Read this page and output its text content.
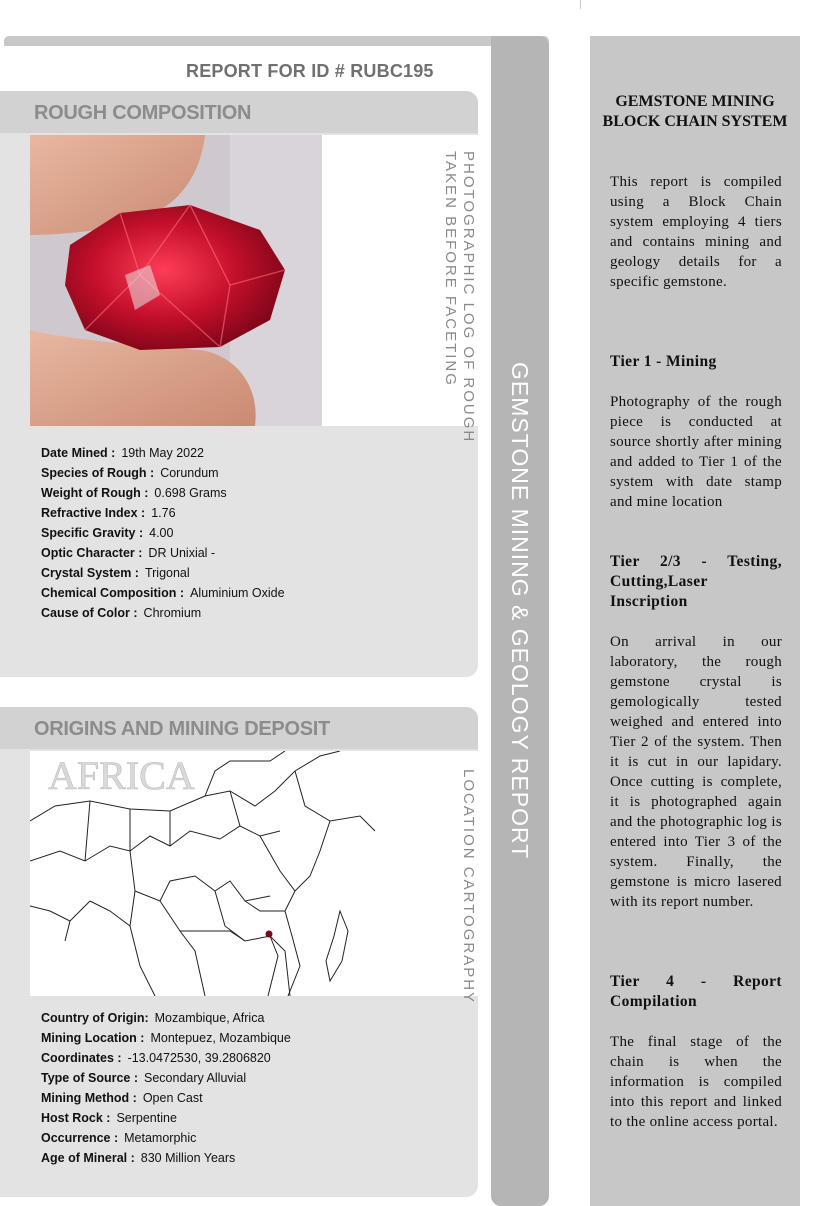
REPORT FOR ID # RUBC195
ROUGH COMPOSITION
PHOTOGRAPHIC LOG OF ROUGH
TAKEN BEFORE FACETING
Date Mined : 19th May 2022
Species of Rough : Corundum
Weight of Rough : 0.698 Grams
Refractive Index : 1.76
Specific Gravity : 4.00
Optic Character : DR Unixial -
Crystal System : Trigonal
Chemical Composition : Aluminium Oxide
Cause of Color : Chromium
ORIGINS AND MINING DEPOSIT
AFRICA	LOCATION CARTOGRAPHY
Country of Origin: Mozambique, Africa
Mining Location : Montepuez, Mozambique
Coordinates : -13.0472530, 39.2806820
Type of Source : Secondary Alluvial
Mining Method : Open Cast
Host Rock : Serpentine
Occurrence : Metamorphic
Age of Mineral : 830 Million Years
GEMSTONE MINING & GEOLOGY REPORT
GEMSTONE MINING BLOCK CHAIN SYSTEM
This report is compiled using a Block Chain system employing 4 tiers and contains mining and geology details for a specific gemstone.
Tier 1 - Mining
Photography of the rough piece is conducted at source shortly after mining and added to Tier 1 of the system with date stamp and mine location
Tier 2/3 - Testing, Cutting,Laser Inscription
On arrival in our laboratory, the rough gemstone crystal is gemologically tested weighed and entered into Tier 2 of the system. Then it is cut in our lapidary. Once cutting is complete, it is photographed again and the photographic log is entered into Tier 3 of the system. Finally, the gemstone is micro lasered with its report number.
Tier 4 - Report Compilation
The final stage of the chain is when the information is compiled into this report and linked to the online access portal.
